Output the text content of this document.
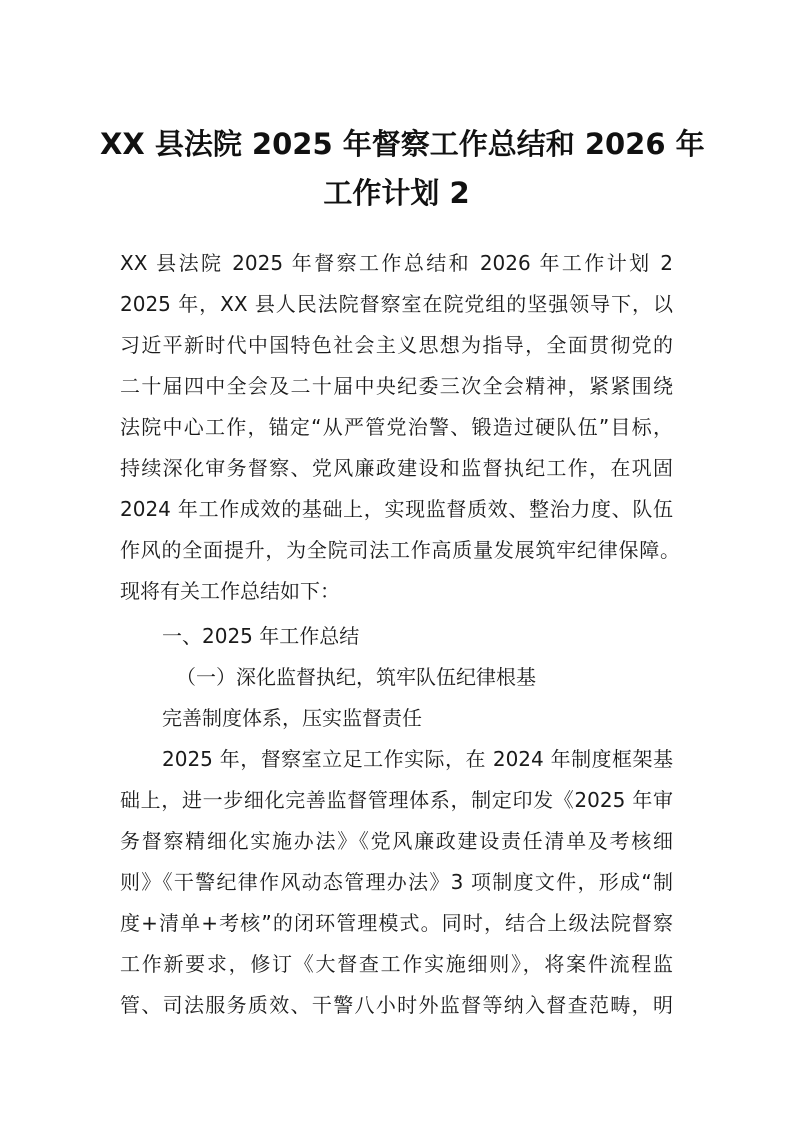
XX 县法院 2025 年督察工作总结和 2026 年
工作计划 2
XX 县法院 2025 年督察工作总结和 2026 年工作计划 2
2025 年，XX 县人民法院督察室在院党组的坚强领导下，以
习近平新时代中国特色社会主义思想为指导，全面贯彻党的
二十届四中全会及二十届中央纪委三次全会精神，紧紧围绕
法院中心工作，锚定“从严管党治警、锻造过硬队伍”目标，
持续深化审务督察、党风廉政建设和监督执纪工作，在巩固
2024 年工作成效的基础上，实现监督质效、整治力度、队伍
作风的全面提升，为全院司法工作高质量发展筑牢纪律保障。
现将有关工作总结如下：
一、2025 年工作总结
（一）深化监督执纪，筑牢队伍纪律根基
完善制度体系，压实监督责任
2025 年，督察室立足工作实际，在 2024 年制度框架基
础上，进一步细化完善监督管理体系，制定印发《2025 年审
务督察精细化实施办法》《党风廉政建设责任清单及考核细
则》《干警纪律作风动态管理办法》3 项制度文件，形成“制
度+清单+考核”的闭环管理模式。同时，结合上级法院督察
工作新要求，修订《大督查工作实施细则》，将案件流程监
管、司法服务质效、干警八小时外监督等纳入督查范畴，明
